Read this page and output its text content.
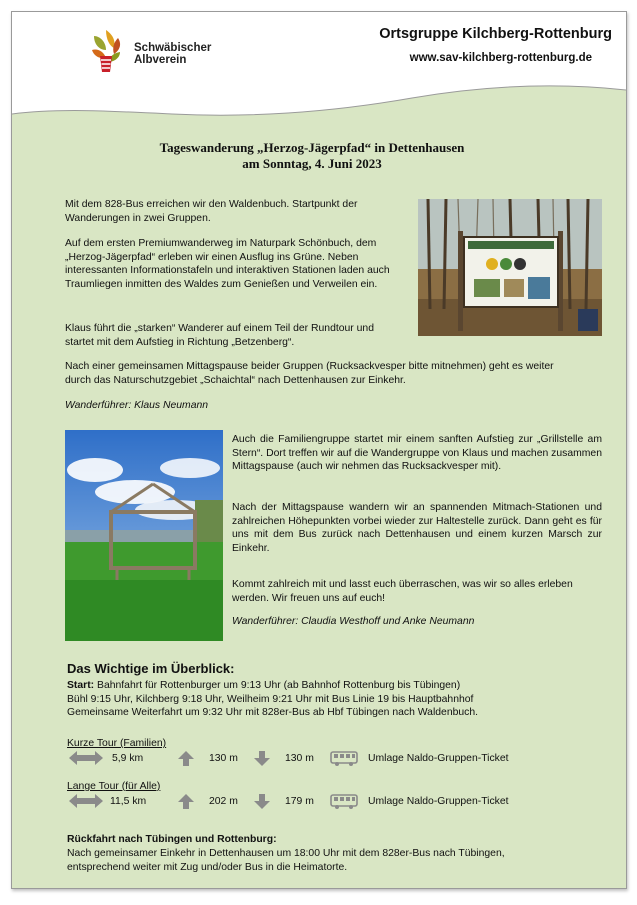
Schwäbischer
Albverein
Ortsgruppe Kilchberg-Rottenburg
www.sav-kilchberg-rottenburg.de
Tageswanderung „Herzog-Jägerpfad“ in Dettenhausen
am Sonntag, 4. Juni 2023

Mit dem 828-Bus erreichen wir den Waldenbuch. Startpunkt der Wanderungen in zwei Gruppen.

Auf dem ersten Premiumwanderweg im Naturpark Schönbuch, dem „Herzog-Jägerpfad“ erleben wir einen Ausflug ins Grüne. Neben interessanten Informationstafeln und interaktiven Stationen laden auch Traumliegen inmitten des Waldes zum Genießen und Verweilen ein.

Klaus führt die „starken“ Wanderer auf einem Teil der Rundtour und startet mit dem Aufstieg in Richtung „Betzenberg“.

Nach einer gemeinsamen Mittagspause beider Gruppen (Rucksackvesper bitte mitnehmen) geht es weiter durch das Naturschutzgebiet „Schaichtal“ nach Dettenhausen zur Einkehr.

Wanderführer: Klaus Neumann

Auch die Familiengruppe startet mir einem sanften Aufstieg zur „Grillstelle am Stern“. Dort treffen wir auf die Wandergruppe von Klaus und machen zusammen Mittagspause (auch wir nehmen das Rucksackvesper mit).

Nach der Mittagspause wandern wir an spannenden Mitmach-Stationen und zahlreichen Höhepunkten vorbei wieder zur Haltestelle zurück. Dann geht es für uns mit dem Bus zurück nach Dettenhausen und einem kurzen Marsch zur Einkehr.

Kommt zahlreich mit und lasst euch überraschen, was wir so alles erleben werden. Wir freuen uns auf euch!

Wanderführer: Claudia Westhoff und Anke Neumann

Das Wichtige im Überblick:
Start: Bahnfahrt für Rottenburger um 9:13 Uhr (ab Bahnhof Rottenburg bis Tübingen)
Bühl 9:15 Uhr, Kilchberg 9:18 Uhr, Weilheim 9:21 Uhr mit Bus Linie 19 bis Hauptbahnhof
Gemeinsame Weiterfahrt um 9:32 Uhr mit 828er-Bus ab Hbf Tübingen nach Waldenbuch.
Kurze Tour (Familien)
5,9 km	130 m	130 m	Umlage Naldo-Gruppen-Ticket
Lange Tour (für Alle)
11,5 km	202 m	179 m	Umlage Naldo-Gruppen-Ticket
Rückfahrt nach Tübingen und Rottenburg:
Nach gemeinsamer Einkehr in Dettenhausen um 18:00 Uhr mit dem 828er-Bus nach Tübingen,
entsprechend weiter mit Zug und/oder Bus in die Heimatorte.
